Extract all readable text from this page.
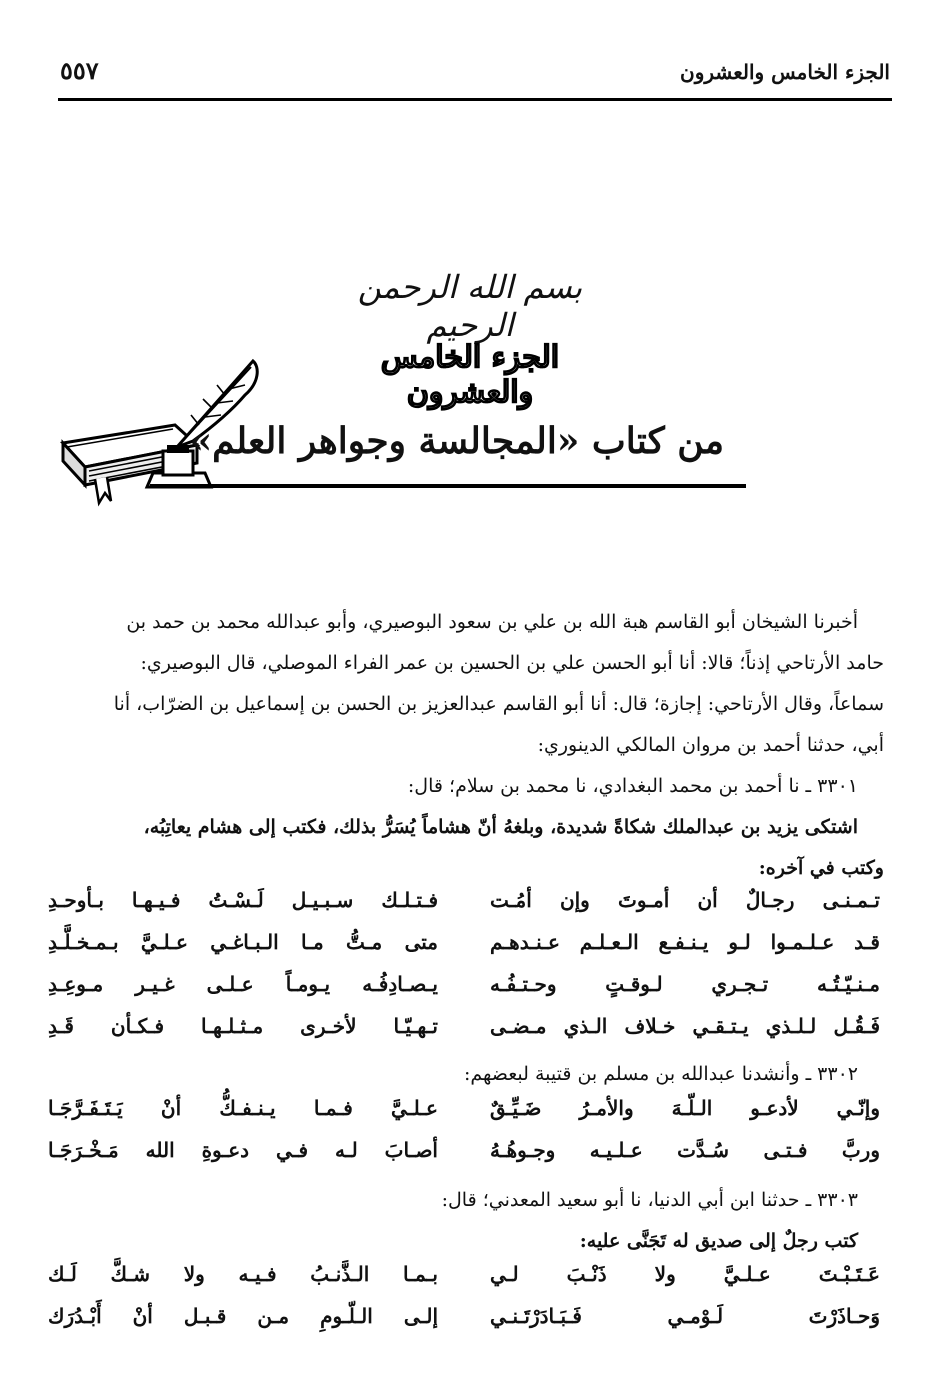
الجزء الخامس والعشرون
٥٥٧
بسم الله الرحمن الرحيم
الجزء الخامس والعشرون
من كتاب «المجالسة وجواهر العلم»

أخبرنا الشيخان أبو القاسم هبة الله بن علي بن سعود البوصيري، وأبو عبدالله محمد بن حمد بن

حامد الأرتاحي إذناً؛ قالا: أنا أبو الحسن علي بن الحسين بن عمر الفراء الموصلي، قال البوصيري:

سماعاً، وقال الأرتاحي: إجازة؛ قال: أنا أبو القاسم عبدالعزيز بن الحسن بن إسماعيل بن الضرّاب، أنا

أبي، حدثنا أحمد بن مروان المالكي الدينوري:

٣٣٠١ ـ نا أحمد بن محمد البغدادي، نا محمد بن سلام؛ قال:

اشتكى يزيد بن عبدالملك شكاةً شديدة، وبلغهُ أنّ هشاماً يُسَرُّ بذلك، فكتب إلى هشام يعاتِبُه،

وكتب في آخره:

تـمـنـى رجـالٌ أن أمـوتَ وإن أمُـت
فـتـلـك سـبـيـل لَـسْـتُ فـيـهـا بـأوحـدِ
قـد عـلـمـوا لـو يـنـفـع الـعـلـم عـنـدهـم
متى مـتُّ مـا الـبـاغـي عـلـيَّ بـمـخـلَّـدِ
مـنـيّـتُـه تـجـري لـوقـتٍ وحـتـفُـه
يـصـادِفُـه يـومـاً عـلـى غـيـر مـوعِـدِ
فَـقُـل لـلـذي يـتـقـي خـلاف الـذي مـضـى
تـهـيّـا لأخـرى مـثـلـهـا فـكـأن قَـدِ

٣٣٠٢ ـ وأنشدنا عبدالله بن مسلم بن قتيبة لبعضهم:

وإنّـي لأدعـو الـلّـهَ والأمـرُ ضَـيِّـقٌ
عـلـيَّ فـمـا يـنـفـكُّ أنْ يَـتَـفَـرَّجَـا
وربَّ فـتـى سُـدَّت عـلـيـه وجـوهُـهُ
أصـابَ لـه فـي دعـوةِ الله مَـخْـرَجَـا

٣٣٠٣ ـ حدثنا ابن أبي الدنيا، نا أبو سعيد المعدني؛ قال:

كتب رجلٌ إلى صديق له تَجَنَّى عليه:

عَـتَـبْـتَ عـلـيَّ ولا ذَنْـبَ لـي
بـمـا الـذَّنـبُ فـيـه ولا شـكَّ لَـك
وَحـاذَرْتَ لَـوْمـي فَـبَـادَرْتَـنـي
إلـى الـلّـومِ مـن قـبـل أنْ أَبْـدُرَك
